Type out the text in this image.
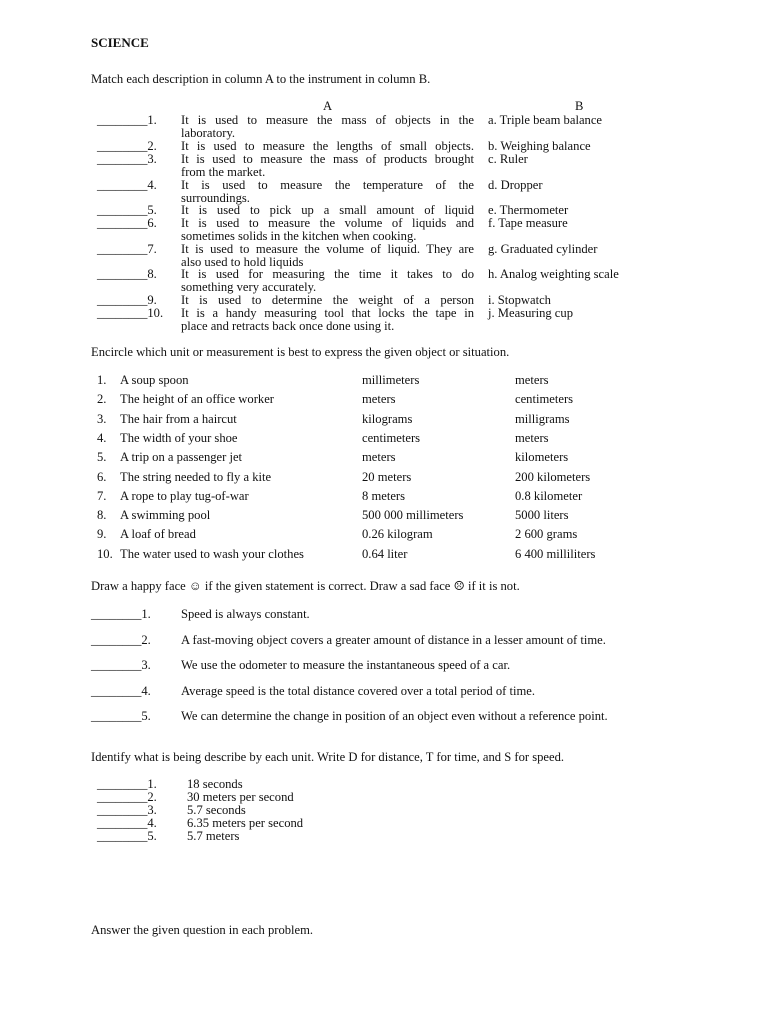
SCIENCE
Match each description in column A to the instrument in column B.
A	B
________1. It is used to measure the mass of objects in the
laboratory.
a. Triple beam balance
________2. It is used to measure the lengths of small objects. b. Weighing balance
________3. It is used to measure the mass of products brought
from the market.
c. Ruler
________4. It is used to measure the temperature of the
surroundings.
d. Dropper
________5. It is used to pick up a small amount of liquid e. Thermometer
________6. It is used to measure the volume of liquids and
sometimes solids in the kitchen when cooking.
f. Tape measure
________7. It is used to measure the volume of liquid. They are
also used to hold liquids
g. Graduated cylinder
________8. It is used for measuring the time it takes to do
something very accurately.
h. Analog weighting scale
________9. It is used to determine the weight of a person i. Stopwatch
________10. It is a handy measuring tool that locks the tape in
place and retracts back once done using it.
j. Measuring cup
Encircle which unit or measurement is best to express the given object or situation.
1. A soup spoon	millimeters	meters
2. The height of an office worker	meters	centimeters
3. The hair from a haircut	kilograms	milligrams
4. The width of your shoe	centimeters	meters
5. A trip on a passenger jet	meters	kilometers
6. The string needed to fly a kite	20 meters	200 kilometers
7. A rope to play tug-of-war	8 meters	0.8 kilometer
8. A swimming pool	500 000 millimeters	5000 liters
9. A loaf of bread	0.26 kilogram	2 600 grams
10. The water used to wash your clothes	0.64 liter	6 400 milliliters
Draw a happy face ☺ if the given statement is correct. Draw a sad face ☹ if it is not.
________1. Speed is always constant.
________2. A fast-moving object covers a greater amount of distance in a lesser amount of time.
________3. We use the odometer to measure the instantaneous speed of a car.
________4. Average speed is the total distance covered over a total period of time.
________5. We can determine the change in position of an object even without a reference point.
Identify what is being describe by each unit. Write D for distance, T for time, and S for speed.
________1. 18 seconds
________2. 30 meters per second
________3. 5.7 seconds
________4. 6.35 meters per second
________5. 5.7 meters
Answer the given question in each problem.
